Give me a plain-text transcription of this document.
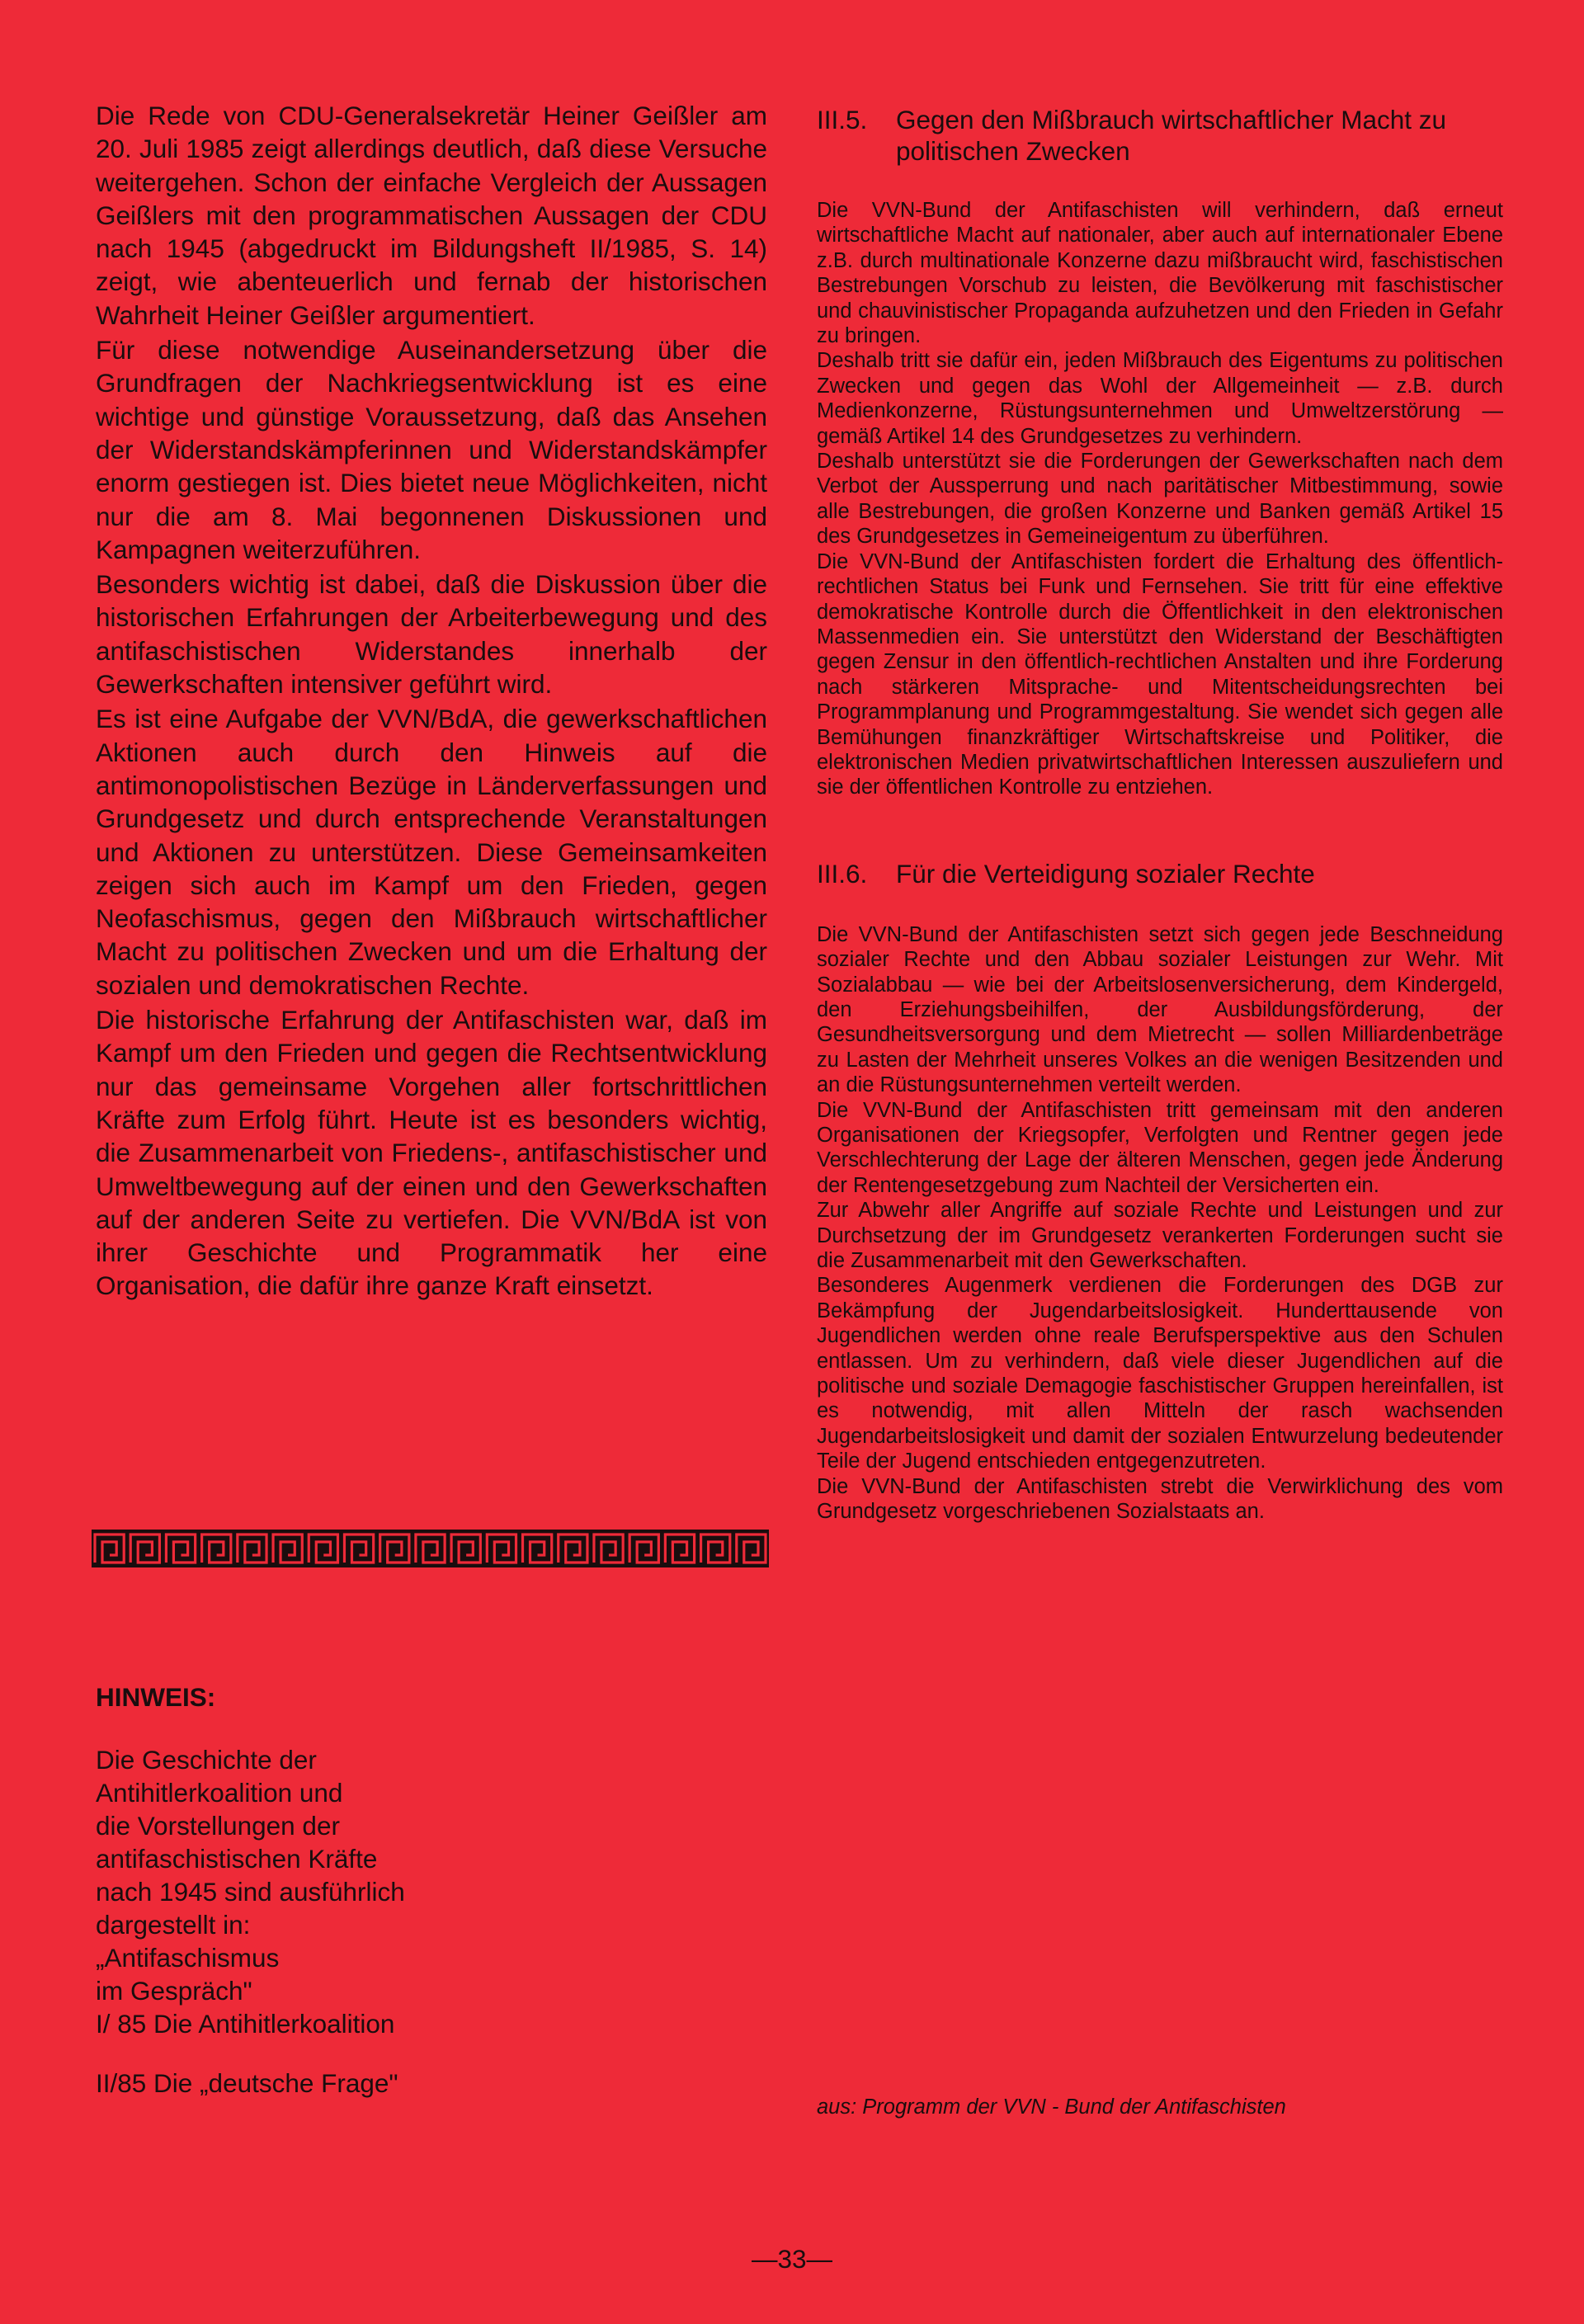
Die Rede von CDU-Generalsekretär Heiner Geißler am 20. Juli 1985 zeigt allerdings deutlich, daß diese Versuche weitergehen. Schon der einfache Vergleich der Aussagen Geißlers mit den programmatischen Aussagen der CDU nach 1945 (abgedruckt im Bildungsheft II/1985, S. 14) zeigt, wie abenteuerlich und fernab der historischen Wahrheit Heiner Geißler argumentiert.

Für diese notwendige Auseinandersetzung über die Grundfragen der Nachkriegsentwicklung ist es eine wichtige und günstige Voraussetzung, daß das Ansehen der Widerstandskämpferinnen und Widerstandskämpfer enorm gestiegen ist. Dies bietet neue Möglichkeiten, nicht nur die am 8. Mai begonnenen Diskussionen und Kampagnen weiterzuführen.

Besonders wichtig ist dabei, daß die Diskussion über die historischen Erfahrungen der Arbeiterbewegung und des antifaschistischen Widerstandes innerhalb der Gewerkschaften intensiver geführt wird.

Es ist eine Aufgabe der VVN/BdA, die gewerkschaftlichen Aktionen auch durch den Hinweis auf die antimonopolistischen Bezüge in Länderverfassungen und Grundgesetz und durch entsprechende Veranstaltungen und Aktionen zu unterstützen. Diese Gemeinsamkeiten zeigen sich auch im Kampf um den Frieden, gegen Neofaschismus, gegen den Mißbrauch wirtschaftlicher Macht zu politischen Zwecken und um die Erhaltung der sozialen und demokratischen Rechte.

Die historische Erfahrung der Antifaschisten war, daß im Kampf um den Frieden und gegen die Rechtsentwicklung nur das gemeinsame Vorgehen aller fortschrittlichen Kräfte zum Erfolg führt. Heute ist es besonders wichtig, die Zusammenarbeit von Friedens-, antifaschistischer und Umweltbewegung auf der einen und den Gewerkschaften auf der anderen Seite zu vertiefen. Die VVN/BdA ist von ihrer Geschichte und Programmatik her eine Organisation, die dafür ihre ganze Kraft einsetzt.

HINWEIS:
Die Geschichte der
Antihitlerkoalition und
die Vorstellungen der
antifaschistischen Kräfte
nach 1945 sind ausführlich
dargestellt in:
„Antifaschismus
im Gespräch"
I/ 85 Die Antihitlerkoalition
II/85 Die „deutsche Frage"
III.5.	Gegen den Mißbrauch wirtschaftlicher Macht zu politischen Zwecken

Die VVN-Bund der Antifaschisten will verhindern, daß erneut wirtschaftliche Macht auf nationaler, aber auch auf internationaler Ebene z.B. durch multinationale Konzerne dazu mißbraucht wird, faschistischen Bestrebungen Vorschub zu leisten, die Bevölkerung mit faschistischer und chauvinistischer Propaganda aufzuhetzen und den Frieden in Gefahr zu bringen.

Deshalb tritt sie dafür ein, jeden Mißbrauch des Eigentums zu politischen Zwecken und gegen das Wohl der Allgemeinheit — z.B. durch Medienkonzerne, Rüstungsunternehmen und Umweltzerstörung — gemäß Artikel 14 des Grundgesetzes zu verhindern.

Deshalb unterstützt sie die Forderungen der Gewerkschaften nach dem Verbot der Aussperrung und nach paritätischer Mitbestimmung, sowie alle Bestrebungen, die großen Konzerne und Banken gemäß Artikel 15 des Grundgesetzes in Gemeineigentum zu überführen.

Die VVN-Bund der Antifaschisten fordert die Erhaltung des öffentlich-rechtlichen Status bei Funk und Fernsehen. Sie tritt für eine effektive demokratische Kontrolle durch die Öffentlichkeit in den elektronischen Massenmedien ein. Sie unterstützt den Widerstand der Beschäftigten gegen Zensur in den öffentlich-rechtlichen Anstalten und ihre Forderung nach stärkeren Mitsprache- und Mitentscheidungsrechten bei Programmplanung und Programmgestaltung. Sie wendet sich gegen alle Bemühungen finanzkräftiger Wirtschaftskreise und Politiker, die elektronischen Medien privatwirtschaftlichen Interessen auszuliefern und sie der öffentlichen Kontrolle zu entziehen.

III.6.	Für die Verteidigung sozialer Rechte

Die VVN-Bund der Antifaschisten setzt sich gegen jede Beschneidung sozialer Rechte und den Abbau sozialer Leistungen zur Wehr. Mit Sozialabbau — wie bei der Arbeitslosenversicherung, dem Kindergeld, den Erziehungsbeihilfen, der Ausbildungsförderung, der Gesundheitsversorgung und dem Mietrecht — sollen Milliardenbeträge zu Lasten der Mehrheit unseres Volkes an die wenigen Besitzenden und an die Rüstungsunternehmen verteilt werden.

Die VVN-Bund der Antifaschisten tritt gemeinsam mit den anderen Organisationen der Kriegsopfer, Verfolgten und Rentner gegen jede Verschlechterung der Lage der älteren Menschen, gegen jede Änderung der Rentengesetzgebung zum Nachteil der Versicherten ein.

Zur Abwehr aller Angriffe auf soziale Rechte und Leistungen und zur Durchsetzung der im Grundgesetz verankerten Forderungen sucht sie die Zusammenarbeit mit den Gewerkschaften.

Besonderes Augenmerk verdienen die Forderungen des DGB zur Bekämpfung der Jugendarbeitslosigkeit. Hunderttausende von Jugendlichen werden ohne reale Berufsperspektive aus den Schulen entlassen. Um zu verhindern, daß viele dieser Jugendlichen auf die politische und soziale Demagogie faschistischer Gruppen hereinfallen, ist es notwendig, mit allen Mitteln der rasch wachsenden Jugendarbeitslosigkeit und damit der sozialen Entwurzelung bedeutender Teile der Jugend entschieden entgegenzutreten.

Die VVN-Bund der Antifaschisten strebt die Verwirklichung des vom Grundgesetz vorgeschriebenen Sozialstaats an.

aus: Programm der VVN - Bund der Antifaschisten
—33—
